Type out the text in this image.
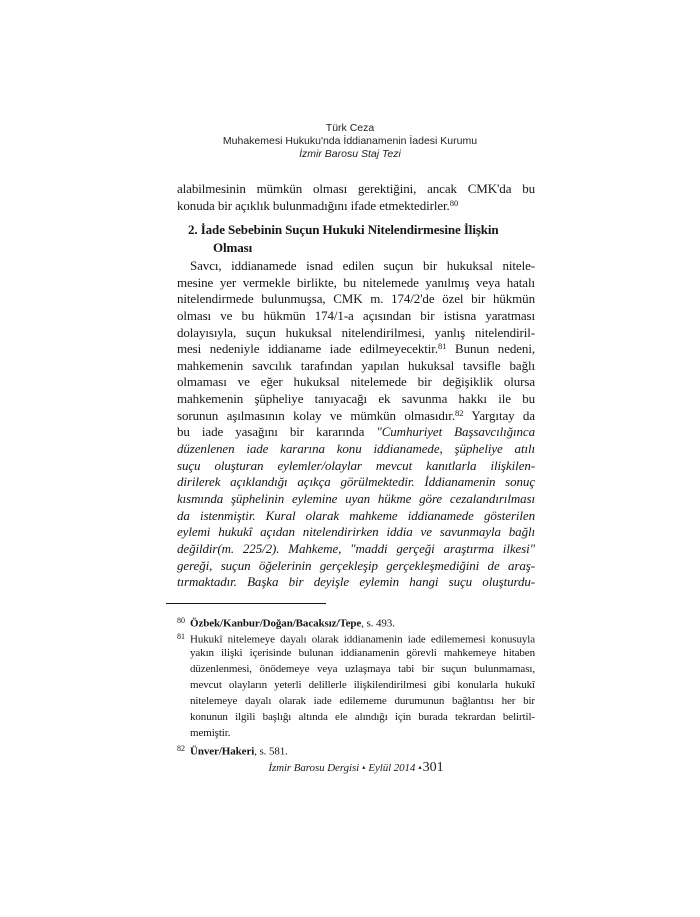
Türk Ceza
Muhakemesi Hukuku'nda İddianamenin İadesi Kurumu
İzmir Barosu Staj Tezi
alabilmesinin mümkün olması gerektiğini, ancak CMK'da bu
konuda bir açıklık bulunmadığını ifade etmektedirler.$^{80}$
2. İade Sebebinin Suçun Hukuki Nitelendirmesine İlişkin
Olması
Savcı, iddianamede isnad edilen suçun bir hukuksal nitele-
mesine yer vermekle birlikte, bu nitelemede yanılmış veya hatalı
nitelendirmede bulunmuşsa, CMK m. 174/2'de özel bir hükmün
olması ve bu hükmün 174/1-a açısından bir istisna yaratması
dolayısıyla, suçun hukuksal nitelendirilmesi, yanlış nitelendiril-
mesi nedeniyle iddianame iade edilmeyecektir.$^{81}$ Bunun nedeni,
mahkemenin savcılık tarafından yapılan hukuksal tavsifle bağlı
olmaması ve eğer hukuksal nitelemede bir değişiklik olursa
mahkemenin şüpheliye tanıyacağı ek savunma hakkı ile bu
sorunun aşılmasının kolay ve mümkün olmasıdır.$^{82}$ Yargıtay da
bu iade yasağını bir kararında "Cumhuriyet Başsavcılığınca
düzenlenen iade kararına konu iddianamede, şüpheliye atılı
suçu oluşturan eylemler/olaylar mevcut kanıtlarla ilişkilen-
dirilerek açıklandığı açıkça görülmektedir. İddianamenin sonuç
kısmında şüphelinin eylemine uyan hükme göre cezalandırılması
da istenmiştir. Kural olarak mahkeme iddianamede gösterilen
eylemi hukukî açıdan nitelendirirken iddia ve savunmayla bağlı
değildir(m. 225/2). Mahkeme, "maddi gerçeği araştırma ilkesi"
gereği, suçun öğelerinin gerçekleşip gerçekleşmediğini de araş-
tırmaktadır. Başka bir deyişle eylemin hangi suçu oluşturdu-
$^{80}$ Özbek/Kanbur/Doğan/Bacaksız/Tepe, s. 493.
$^{81}$ Hukukî nitelemeye dayalı olarak iddianamenin iade edilememesi konusuyla
yakın ilişki içerisinde bulunan iddianamenin görevli mahkemeye hitaben
düzenlenmesi, önödemeye veya uzlaşmaya tabi bir suçun bulunmaması,
mevcut olayların yeterli delillerle ilişkilendirilmesi gibi konularla hukukî
nitelemeye dayalı olarak iade edilememe durumunun bağlantısı her bir
konunun ilgili başlığı altında ele alındığı için burada tekrardan belirtil-
memiştir.
$^{82}$ Ünver/Hakeri, s. 581.
İzmir Barosu Dergisi ▴ Eylül 2014 ▴301
